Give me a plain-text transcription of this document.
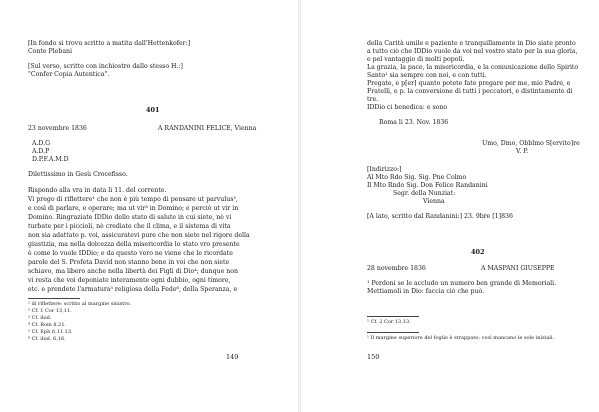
[In fondo si trovu scritto a matita dall'Hettenkofer:]
Conte Plebani
[Sul verso, scritto con inchiostro dallo stesso H.:]
"Confer Copia Autentica".
401
23 novembre 1836	A RANDANINI FELICE, Vienna
A.D.G
A.D.P
D.P.F.A.M.D
Dilettissimo in Gesù Crocefisso.
Rispondo alla vra in data li 11. del corrente.
Vi prego di riflettere¹ che non è più tempo di pensare ut parvulus²,
e così di parlare, e operare; ma ut vir³ in Domino; e perciò ut vir in
Domino. Ringraziate IDDio dello stato di salute in cui siete, nè vi
turbate per i piccioli, nè crediate che il clima, e il sistema di vita
non sia adattato p. voi, assicuratevi pure che non siete nel rigore della
giustizia, ma nella dolcezza della misericordia lo stato vro presente
è come lo vuole IDDio; e da questo vero ne viene che le ricordate
parole del S. Profeta David non stanno bene in voi che non siete
schiavo, ma libero anche nella libertà dei Figli di Dio⁴; dunque non
vi resta che voi deponiate interamente ogni dubbio, ogni timore,
etc. e prendete l'armatura⁵ religiosa della Fede⁶, della Speranza, e
¹ di riflettere: scritto al margine sinistro.
² Cf. 1 Cor 13,11.
³ Cf. ibid.
⁴ Cf. Rom 8,21.
⁵ Cf. Eph 6,11.13.
⁶ Cf. ibid. 6,16.
149
della Carità umile e paziente e tranquillamente in Dio siate pronto
a tutto ciò che IDDio vuole da voi nel vostro stato per la sua gloria,
e pel vantaggio di molti popoli.
La grazia, la pace, la misericordia, e la comunicazione dello Spirito
Santo¹ sia sempre con noi, e con tutti.
Pregate, e p[er] quanto potete fate pregare per me, mio Padre, e
Fratelli, e p. la conversione di tutti i peccatori, e distintamente di
tre.
IDDio ci benedica: e sono
Roma li 23. Nov. 1836
Umo, Dmo, Obblmo S[ervito]re
V. P.
[Indirizzo:]
Al Mto Rdo Sig. Sig. Pne Colmo
Il Mto Rndo Sig. Don Felice Randanini
Segr. della Nunziat:
Vienna
[A lato, scritto dal Randanini:] 23. 9bre [1]836
402
28 novembre 1836	A MASPANI GIUSEPPE
¹ Perdoni se le accludo un numero ben grande di Memoriali.
Mettiamoli in Dio: faccia ciò che può.
¹ Cf. 2 Cor 13,13.
¹ Il margine superiore del foglio è strappato; così mancano le sole iniziali.
150
